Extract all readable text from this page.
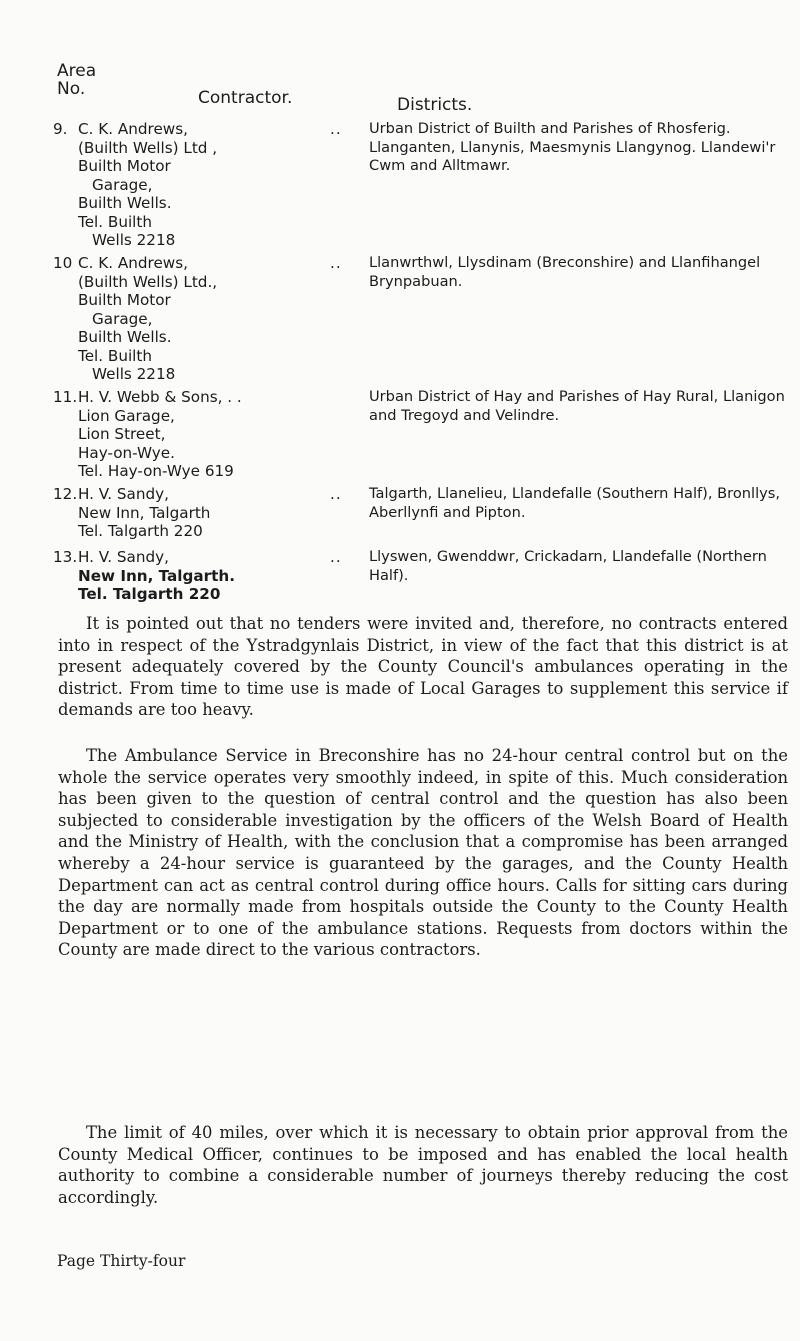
Area
No.	Contractor.	Districts.
9. C. K. Andrews,
(Builth Wells) Ltd ,
Builth Motor
Garage,
Builth Wells.
Tel. Builth
Wells 2218
.. Urban District of Builth and Parishes of Rhosferig. Llanganten, Llanynis, Maesmynis Llangynog. Llandewi'r Cwm and Alltmawr.
10 C. K. Andrews,
(Builth Wells) Ltd.,
Builth Motor
Garage,
Builth Wells.
Tel. Builth
Wells 2218
.. Llanwrthwl, Llysdinam (Breconshire) and Llanfihangel Brynpabuan.
11. H. V. Webb & Sons, . .
Lion Garage,
Lion Street,
Hay-on-Wye.
Tel. Hay-on-Wye 619
Urban District of Hay and Parishes of Hay Rural, Llanigon and Tregoyd and Velindre.
12. H. V. Sandy,
New Inn, Talgarth
Tel. Talgarth 220
.. Talgarth, Llanelieu, Llandefalle (Southern Half), Bronllys, Aberllynfi and Pipton.
13. H. V. Sandy,
New Inn, Talgarth.
Tel. Talgarth 220
.. Llyswen, Gwenddwr, Crickadarn, Llandefalle (Northern Half).

It is pointed out that no tenders were invited and, therefore, no contracts entered into in respect of the Ystradgynlais District, in view of the fact that this district is at present adequately covered by the County Council's ambulances operating in the district. From time to time use is made of Local Garages to supplement this service if demands are too heavy.

The Ambulance Service in Breconshire has no 24-hour central control but on the whole the service operates very smoothly indeed, in spite of this. Much consideration has been given to the question of central control and the question has also been subjected to considerable investigation by the officers of the Welsh Board of Health and the Ministry of Health, with the conclusion that a compromise has been arranged whereby a 24-hour service is guaranteed by the garages, and the County Health Department can act as central control during office hours. Calls for sitting cars during the day are normally made from hospitals outside the County to the County Health Department or to one of the ambulance stations. Requests from doctors within the County are made direct to the various contractors.

The limit of 40 miles, over which it is necessary to obtain prior approval from the County Medical Officer, continues to be imposed and has enabled the local health authority to combine a considerable number of journeys thereby reducing the cost accordingly.

Page Thirty-four
